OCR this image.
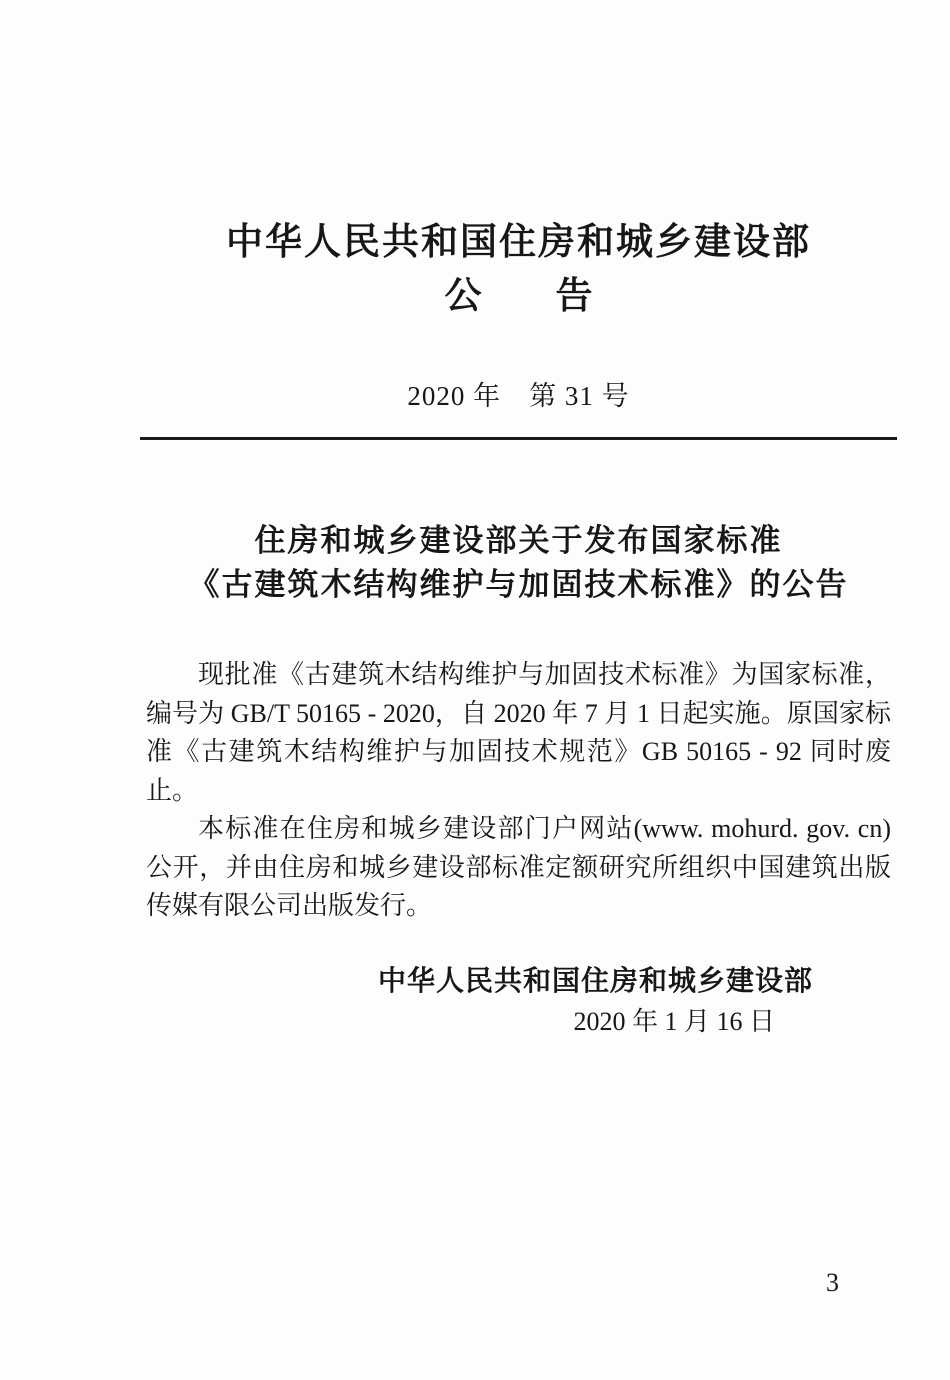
中华人民共和国住房和城乡建设部
公　　告
2020 年　第 31 号
住房和城乡建设部关于发布国家标准
《古建筑木结构维护与加固技术标准》的公告

现批准《古建筑木结构维护与加固技术标准》为国家标准，编号为 GB/T 50165 - 2020，自 2020 年 7 月 1 日起实施。原国家标准《古建筑木结构维护与加固技术规范》GB 50165 - 92 同时废止。

本标准在住房和城乡建设部门户网站(www. mohurd. gov. cn)公开，并由住房和城乡建设部标准定额研究所组织中国建筑出版传媒有限公司出版发行。

中华人民共和国住房和城乡建设部
2020 年 1 月 16 日
3
